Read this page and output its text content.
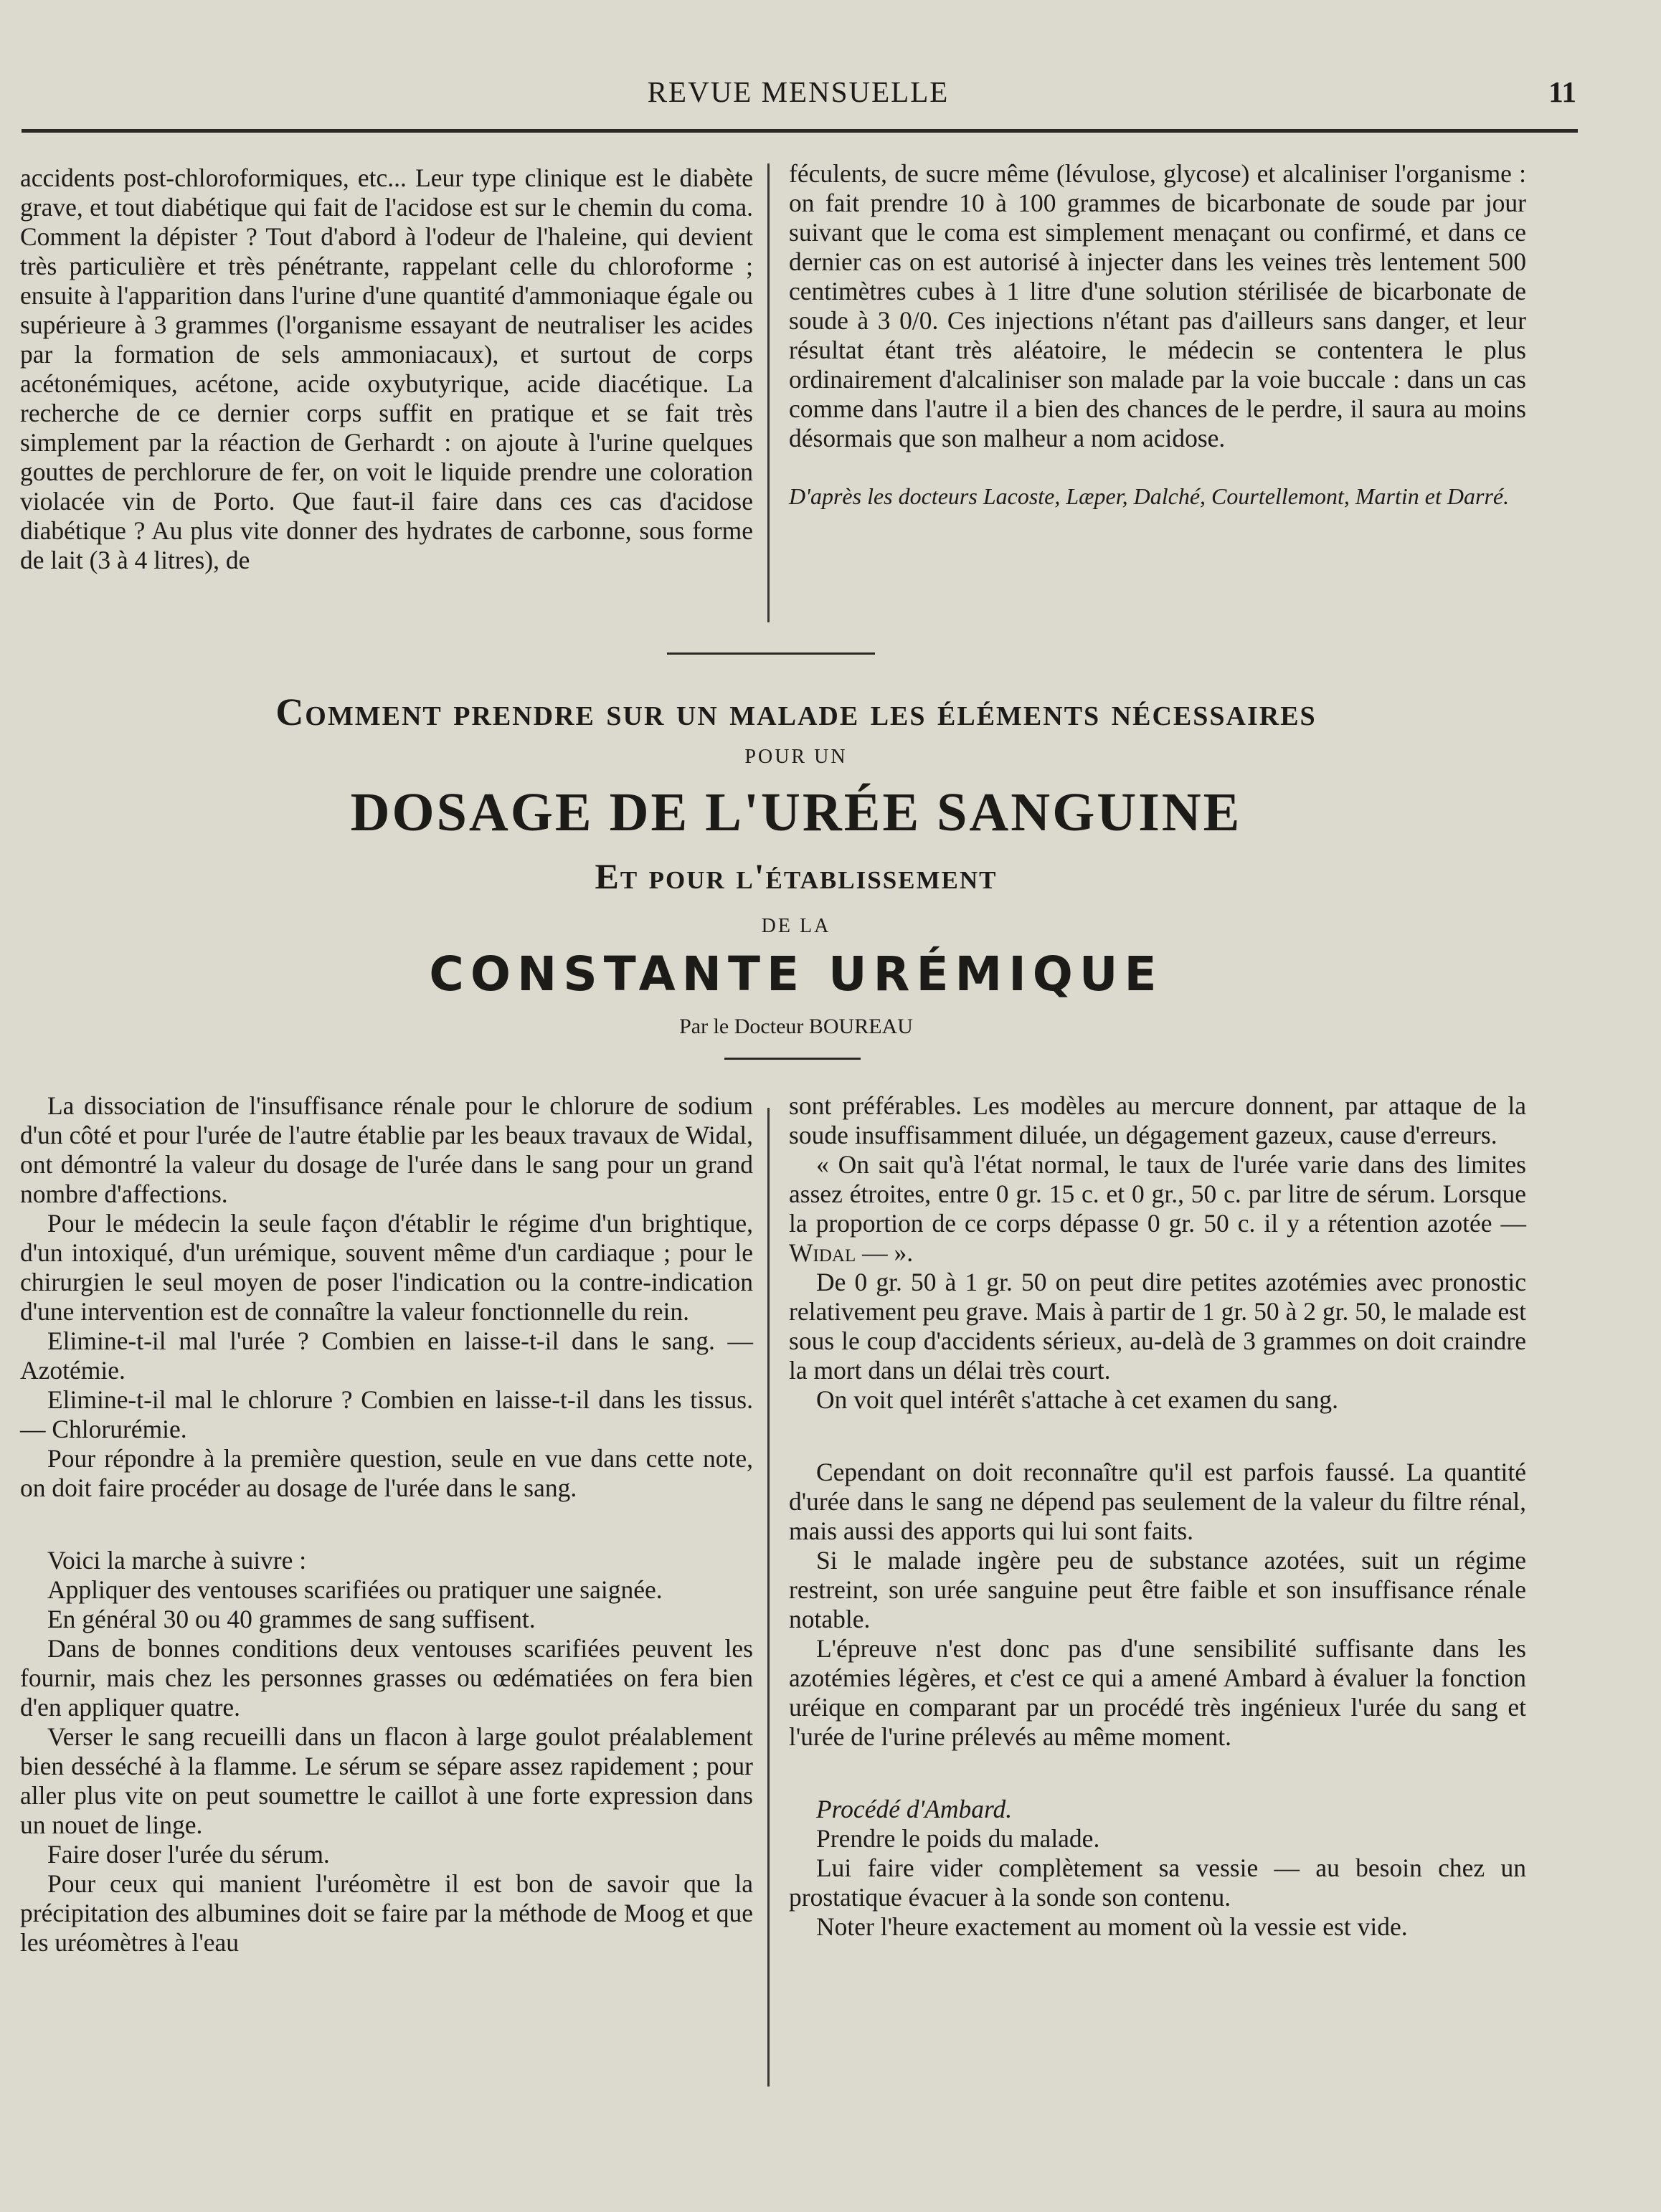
REVUE MENSUELLE	11

accidents post-chloroformiques, etc... Leur type clinique est le diabète grave, et tout diabétique qui fait de l'acidose est sur le chemin du coma. Comment la dépister ? Tout d'abord à l'odeur de l'haleine, qui devient très particulière et très pénétrante, rappelant celle du chloroforme ; ensuite à l'apparition dans l'urine d'une quantité d'ammoniaque égale ou supérieure à 3 grammes (l'organisme essayant de neutraliser les acides par la formation de sels ammoniacaux), et surtout de corps acétonémiques, acétone, acide oxybutyrique, acide diacétique. La recherche de ce dernier corps suffit en pratique et se fait très simplement par la réaction de Gerhardt : on ajoute à l'urine quelques gouttes de perchlorure de fer, on voit le liquide prendre une coloration violacée vin de Porto. Que faut-il faire dans ces cas d'acidose diabétique ? Au plus vite donner des hydrates de carbonne, sous forme de lait (3 à 4 litres), de

féculents, de sucre même (lévulose, glycose) et alcaliniser l'organisme : on fait prendre 10 à 100 grammes de bicarbonate de soude par jour suivant que le coma est simplement menaçant ou confirmé, et dans ce dernier cas on est autorisé à injecter dans les veines très lentement 500 centimètres cubes à 1 litre d'une solution stérilisée de bicarbonate de soude à 3 0/0. Ces injections n'étant pas d'ailleurs sans danger, et leur résultat étant très aléatoire, le médecin se contentera le plus ordinairement d'alcaliniser son malade par la voie buccale : dans un cas comme dans l'autre il a bien des chances de le perdre, il saura au moins désormais que son malheur a nom acidose.

D'après les docteurs Lacoste, Læper, Dalché, Courtellemont, Martin et Darré.

Comment prendre sur un malade les éléments nécessaires
POUR UN
DOSAGE DE L'URÉE SANGUINE
Et pour l'établissement
DE LA
CONSTANTE URÉMIQUE
Par le Docteur BOUREAU

La dissociation de l'insuffisance rénale pour le chlorure de sodium d'un côté et pour l'urée de l'autre établie par les beaux travaux de Widal, ont démontré la valeur du dosage de l'urée dans le sang pour un grand nombre d'affections.

Pour le médecin la seule façon d'établir le régime d'un brightique, d'un intoxiqué, d'un urémique, souvent même d'un cardiaque ; pour le chirurgien le seul moyen de poser l'indication ou la contre-indication d'une intervention est de connaître la valeur fonctionnelle du rein.

Elimine-t-il mal l'urée ? Combien en laisse-t-il dans le sang. — Azotémie.

Elimine-t-il mal le chlorure ? Combien en laisse-t-il dans les tissus. — Chlorurémie.

Pour répondre à la première question, seule en vue dans cette note, on doit faire procéder au dosage de l'urée dans le sang.

Voici la marche à suivre :

Appliquer des ventouses scarifiées ou pratiquer une saignée.

En général 30 ou 40 grammes de sang suffisent.

Dans de bonnes conditions deux ventouses scarifiées peuvent les fournir, mais chez les personnes grasses ou œdématiées on fera bien d'en appliquer quatre.

Verser le sang recueilli dans un flacon à large goulot préalablement bien desséché à la flamme. Le sérum se sépare assez rapidement ; pour aller plus vite on peut soumettre le caillot à une forte expression dans un nouet de linge.

Faire doser l'urée du sérum.

Pour ceux qui manient l'uréomètre il est bon de savoir que la précipitation des albumines doit se faire par la méthode de Moog et que les uréomètres à l'eau

sont préférables. Les modèles au mercure donnent, par attaque de la soude insuffisamment diluée, un dégagement gazeux, cause d'erreurs.

« On sait qu'à l'état normal, le taux de l'urée varie dans des limites assez étroites, entre 0 gr. 15 c. et 0 gr., 50 c. par litre de sérum. Lorsque la proportion de ce corps dépasse 0 gr. 50 c. il y a rétention azotée — Widal — ».

De 0 gr. 50 à 1 gr. 50 on peut dire petites azotémies avec pronostic relativement peu grave. Mais à partir de 1 gr. 50 à 2 gr. 50, le malade est sous le coup d'accidents sérieux, au-delà de 3 grammes on doit craindre la mort dans un délai très court.

On voit quel intérêt s'attache à cet examen du sang.

Cependant on doit reconnaître qu'il est parfois faussé. La quantité d'urée dans le sang ne dépend pas seulement de la valeur du filtre rénal, mais aussi des apports qui lui sont faits.

Si le malade ingère peu de substance azotées, suit un régime restreint, son urée sanguine peut être faible et son insuffisance rénale notable.

L'épreuve n'est donc pas d'une sensibilité suffisante dans les azotémies légères, et c'est ce qui a amené Ambard à évaluer la fonction uréique en comparant par un procédé très ingénieux l'urée du sang et l'urée de l'urine prélevés au même moment.

Procédé d'Ambard.

Prendre le poids du malade.

Lui faire vider complètement sa vessie — au besoin chez un prostatique évacuer à la sonde son contenu.

Noter l'heure exactement au moment où la vessie est vide.
